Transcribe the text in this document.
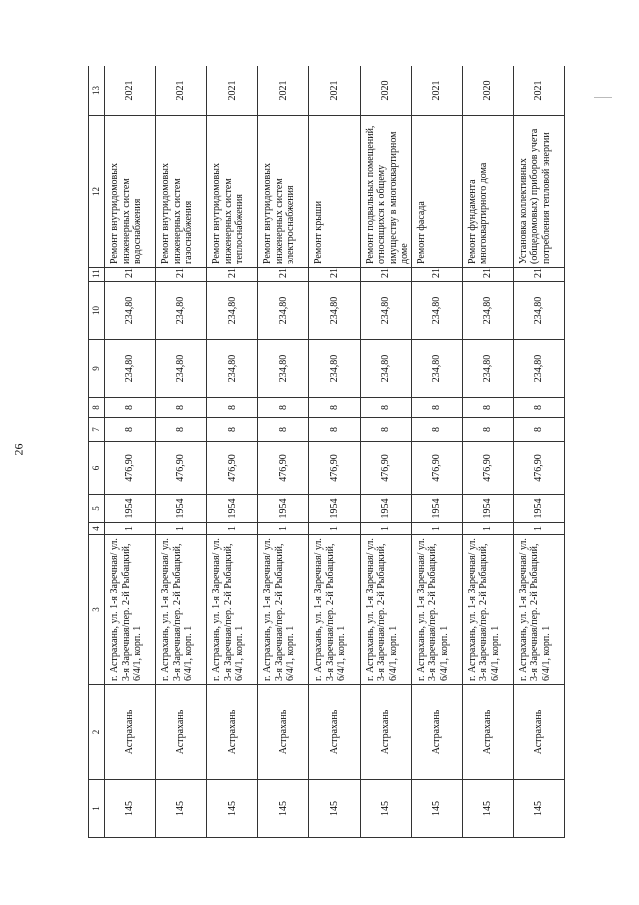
26
1	2	3	4	5	6	7	8	9	10	11	12	13
145	Астрахань	г. Астрахань, ул. 1-я Заречная/ ул. 3-я Заречная/пер. 2-й Рыбацкий, 6/4/1, корп. 1	1	1954	476,90	8	8	234,80	234,80	21	Ремонт внутридомовых инженерных систем водоснабжения	2021
145	Астрахань	г. Астрахань, ул. 1-я Заречная/ ул. 3-я Заречная/пер. 2-й Рыбацкий, 6/4/1, корп. 1	1	1954	476,90	8	8	234,80	234,80	21	Ремонт внутридомовых инженерных систем газоснабжения	2021
145	Астрахань	г. Астрахань, ул. 1-я Заречная/ ул. 3-я Заречная/пер. 2-й Рыбацкий, 6/4/1, корп. 1	1	1954	476,90	8	8	234,80	234,80	21	Ремонт внутридомовых инженерных систем теплоснабжения	2021
145	Астрахань	г. Астрахань, ул. 1-я Заречная/ ул. 3-я Заречная/пер. 2-й Рыбацкий, 6/4/1, корп. 1	1	1954	476,90	8	8	234,80	234,80	21	Ремонт внутридомовых инженерных систем электроснабжения	2021
145	Астрахань	г. Астрахань, ул. 1-я Заречная/ ул. 3-я Заречная/пер. 2-й Рыбацкий, 6/4/1, корп. 1	1	1954	476,90	8	8	234,80	234,80	21	Ремонт крыши	2021
145	Астрахань	г. Астрахань, ул. 1-я Заречная/ ул. 3-я Заречная/пер. 2-й Рыбацкий, 6/4/1, корп. 1	1	1954	476,90	8	8	234,80	234,80	21	Ремонт подвальных помещений, относящихся к общему имуществу в многоквартирном доме	2020
145	Астрахань	г. Астрахань, ул. 1-я Заречная/ ул. 3-я Заречная/пер. 2-й Рыбацкий, 6/4/1, корп. 1	1	1954	476,90	8	8	234,80	234,80	21	Ремонт фасада	2021
145	Астрахань	г. Астрахань, ул. 1-я Заречная/ ул. 3-я Заречная/пер. 2-й Рыбацкий, 6/4/1, корп. 1	1	1954	476,90	8	8	234,80	234,80	21	Ремонт фундамента многоквартирного дома	2020
145	Астрахань	г. Астрахань, ул. 1-я Заречная/ ул. 3-я Заречная/пер. 2-й Рыбацкий, 6/4/1, корп. 1	1	1954	476,90	8	8	234,80	234,80	21	Установка коллективных (общедомовых) приборов учета потребления тепловой энергии	2021
